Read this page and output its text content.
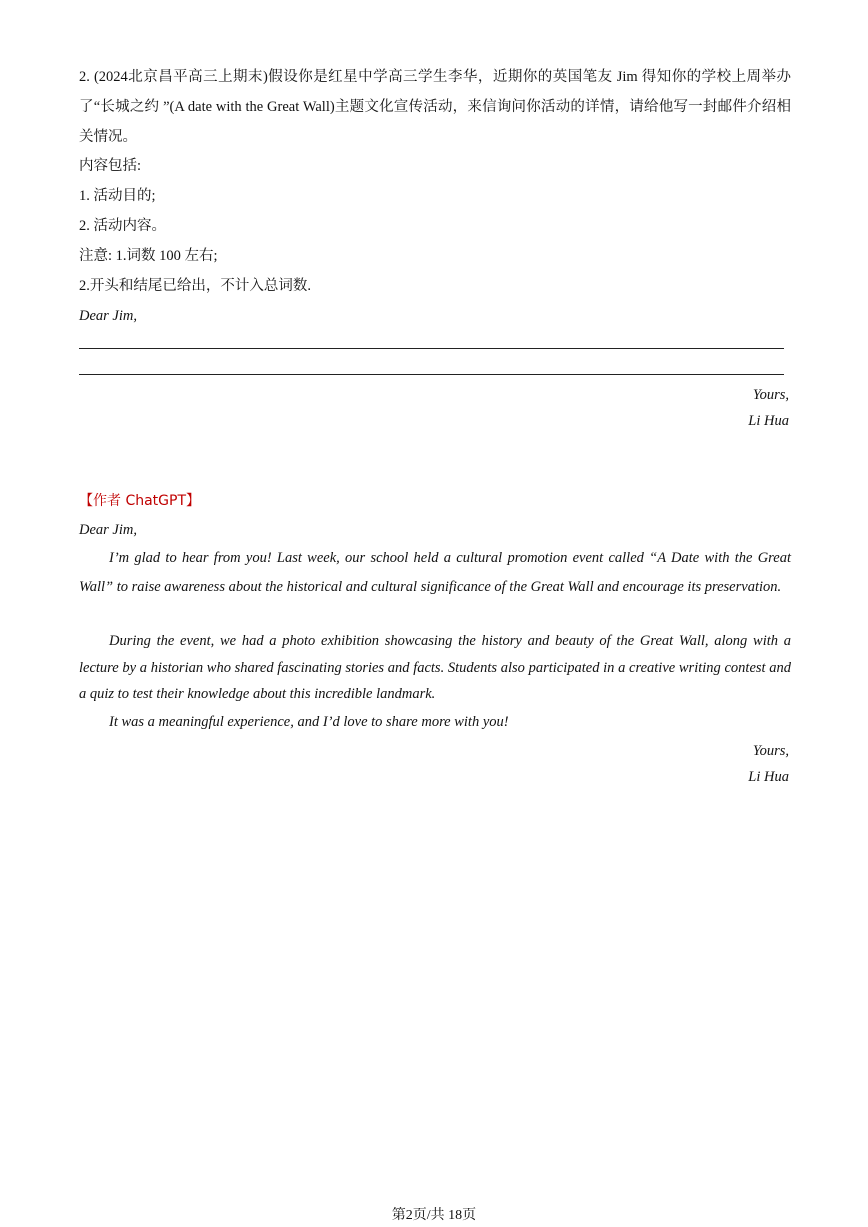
2. (2024北京昌平高三上期末)假设你是红星中学高三学生李华，近期你的英国笔友 Jim 得知你的学校上周举办了“长城之约 ”(A date with the Great Wall)主题文化宣传活动，来信询问你活动的详情，请给他写一封邮件介绍相关情况。
内容包括:
1. 活动目的;
2. 活动内容。
注意: 1.词数 100 左右;
2.开头和结尾已给出，不计入总词数.
Dear Jim,
Yours,
Li Hua
【作者 ChatGPT】
Dear Jim,
I’m glad to hear from you! Last week, our school held a cultural promotion event called “A Date with the Great Wall” to raise awareness about the historical and cultural significance of the Great Wall and encourage its preservation.
During the event, we had a photo exhibition showcasing the history and beauty of the Great Wall, along with a lecture by a historian who shared fascinating stories and facts. Students also participated in a creative writing contest and a quiz to test their knowledge about this incredible landmark.
It was a meaningful experience, and I’d love to share more with you!
Yours,
Li Hua
第2页/共 18页
